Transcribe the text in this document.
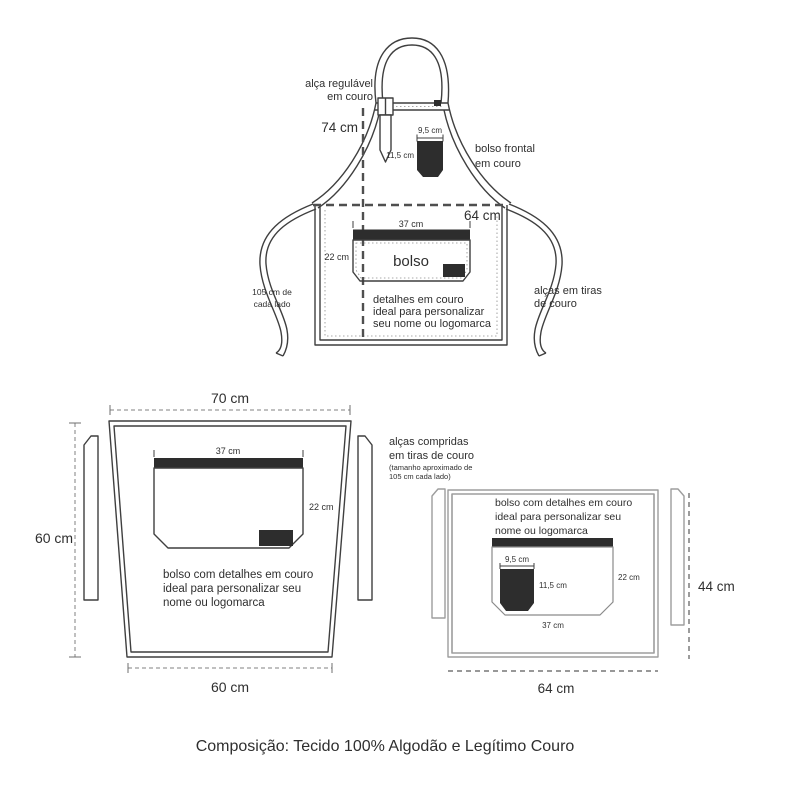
alça regulável
em couro
74 cm	9,5 cm
11,5 cm
bolso frontal
em couro
64 cm
37 cm
22 cm	bolso
detalhes em couro
ideal para personalizar
seu nome ou logomarca
105 cm de
cada lado
alças em tiras
de couro
70 cm
60 cm
60 cm
37 cm
22 cm
bolso com detalhes em couro
ideal para personalizar seu
nome ou logomarca
alças compridas
em tiras de couro
(tamanho aproximado de
105 cm cada lado)
bolso com detalhes em couro
ideal para personalizar seu
nome ou logomarca
9,5 cm
11,5 cm
22 cm
37 cm
44 cm
64 cm
Composição: Tecido 100% Algodão e Legítimo Couro
